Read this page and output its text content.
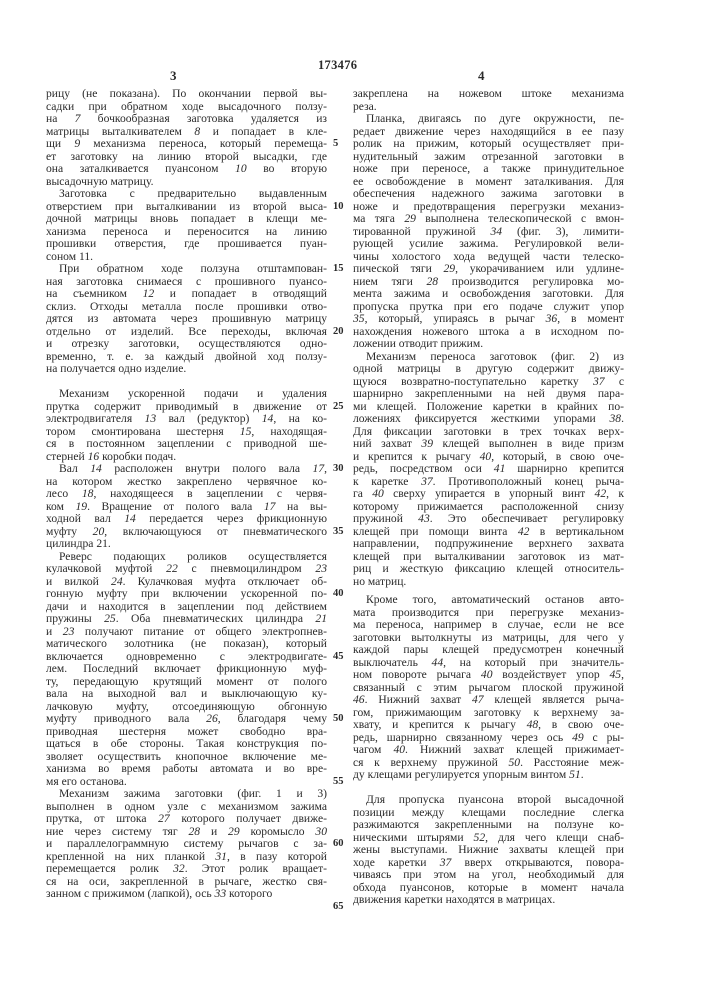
173476
3	4
рицу (не показана). По окончании первой вы-
садки при обратном ходе высадочного ползу-
на 7 бочкообразная заготовка удаляется из
матрицы выталкивателем 8 и попадает в кле-
щи 9 механизма переноса, который перемеща-
ет заготовку на линию второй высадки, где
она заталкивается пуансоном 10 во вторую
высадочную матрицу.
Заготовка с предварительно выдавленным
отверстием при выталкивании из второй выса-
дочной матрицы вновь попадает в клещи ме-
ханизма переноса и переносится на линию
прошивки отверстия, где прошивается пуан-
соном 11.
При обратном ходе ползуна отштампован-
ная заготовка снимаеся с прошивного пуансо-
на съемником 12 и попадает в отводящий
склиз. Отходы металла после прошивки отво-
дятся из автомата через прошивную матрицу
отдельно от изделий. Все переходы, включая
и отрезку заготовки, осуществляются одно-
временно, т. е. за каждый двойной ход ползу-
на получается одно изделие.
Механизм ускоренной подачи и удаления
прутка содержит приводимый в движение от
электродвигателя 13 вал (редуктор) 14, на ко-
тором смонтирована шестерня 15, находящая-
ся в постоянном зацеплении с приводной ше-
стерней 16 коробки подач.
Вал 14 расположен внутри полого вала 17,
на котором жестко закреплено червячное ко-
лесо 18, находящееся в зацеплении с червя-
ком 19. Вращение от полого вала 17 на вы-
ходной вал 14 передается через фрикционную
муфту 20, включающуюся от пневматического
цилиндра 21.
Реверс подающих роликов осуществляется
кулачковой муфтой 22 с пневмоцилиндром 23
и вилкой 24. Кулачковая муфта отключает об-
гонную муфту при включении ускоренной по-
дачи и находится в зацеплении под действием
пружины 25. Оба пневматических цилиндра 21
и 23 получают питание от общего электропнев-
матического золотника (не показан), который
включается одновременно с электродвигате-
лем. Последний включает фрикционную муф-
ту, передающую крутящий момент от полого
вала на выходной вал и выключающую ку-
лачковую муфту, отсоединяющую обгонную
муфту приводного вала 26, благодаря чему
приводная шестерня может свободно вра-
щаться в обе стороны. Такая конструкция по-
зволяет осуществить кнопочное включение ме-
ханизма во время работы автомата и во вре-
мя его останова.
Механизм зажима заготовки (фиг. 1 и 3)
выполнен в одном узле с механизмом зажима
прутка, от штока 27 которого получает движе-
ние через систему тяг 28 и 29 коромысло 30
и параллелограммную систему рычагов с за-
крепленной на них планкой 31, в пазу которой
перемещается ролик 32. Этот ролик вращает-
ся на оси, закрепленной в рычаге, жестко свя-
занном с прижимом (лапкой), ось 33 которого
5
10
15
20
25
30
35
40
45
50
55
60
65
закреплена на ножевом штоке механизма
реза.
Планка, двигаясь по дуге окружности, пе-
редает движение через находящийся в ее пазу
ролик на прижим, который осуществляет при-
нудительный зажим отрезанной заготовки в
ноже при переносе, а также принудительное
ее освобождение в момент заталкивания. Для
обеспечения надежного зажима заготовки в
ноже и предотвращения перегрузки механиз-
ма тяга 29 выполнена телескопической с вмон-
тированной пружиной 34 (фиг. 3), лимити-
рующей усилие зажима. Регулировкой вели-
чины холостого хода ведущей части телеско-
пической тяги 29, укорачиванием или удлине-
нием тяги 28 производится регулировка мо-
мента зажима и освобождения заготовки. Для
пропуска прутка при его подаче служит упор
35, который, упираясь в рычаг 36, в момент
нахождения ножевого штока а в исходном по-
ложении отводит прижим.
Механизм переноса заготовок (фиг. 2) из
одной матрицы в другую содержит движу-
щуюся возвратно-поступательно каретку 37 с
шарнирно закрепленными на ней двумя пара-
ми клещей. Положение каретки в крайних по-
ложениях фиксируется жесткими упорами 38.
Для фиксации заготовки в трех точках верх-
ний захват 39 клещей выполнен в виде призм
и крепится к рычагу 40, который, в свою оче-
редь, посредством оси 41 шарнирно крепится
к каретке 37. Противоположный конец рыча-
га 40 сверху упирается в упорный винт 42, к
которому прижимается расположенной снизу
пружиной 43. Это обеспечивает регулировку
клещей при помощи винта 42 в вертикальном
направлении, подпружинение верхнего захвата
клещей при выталкивании заготовок из мат-
риц и жесткую фиксацию клещей относитель-
но матриц.
Кроме того, автоматический останов авто-
мата производится при перегрузке механиз-
ма переноса, например в случае, если не все
заготовки вытолкнуты из матрицы, для чего у
каждой пары клещей предусмотрен конечный
выключатель 44, на который при значитель-
ном повороте рычага 40 воздействует упор 45,
связанный с этим рычагом плоской пружиной
46. Нижний захват 47 клещей является рыча-
гом, прижимающим заготовку к верхнему за-
хвату, и крепится к рычагу 48, в свою оче-
редь, шарнирно связанному через ось 49 с ры-
чагом 40. Нижний захват клещей прижимает-
ся к верхнему пружиной 50. Расстояние меж-
ду клещами регулируется упорным винтом 51.
Для пропуска пуансона второй высадочной
позиции между клещами последние слегка
разжимаются закрепленными на ползуне ко-
ническими штырями 52, для чего клещи снаб-
жены выступами. Нижние захваты клещей при
ходе каретки 37 вверх открываются, повора-
чиваясь при этом на угол, необходимый для
обхода пуансонов, которые в момент начала
движения каретки находятся в матрицах.
